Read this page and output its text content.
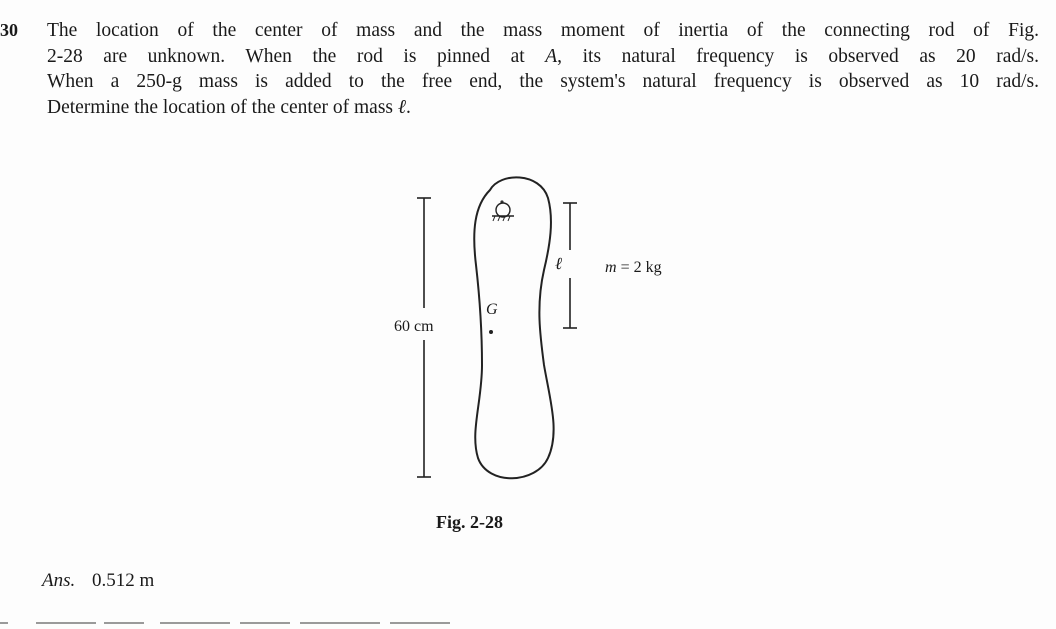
30 The location of the center of mass and the mass moment of inertia of the connecting rod of Fig.
2-28 are unknown. When the rod is pinned at A, its natural frequency is observed as 20 rad/s.
When a 250-g mass is added to the free end, the system's natural frequency is observed as 10 rad/s.
Determine the location of the center of mass ℓ.
60 cm
ℓ	m = 2 kg
G
Fig. 2-28
Ans. 0.512 m
